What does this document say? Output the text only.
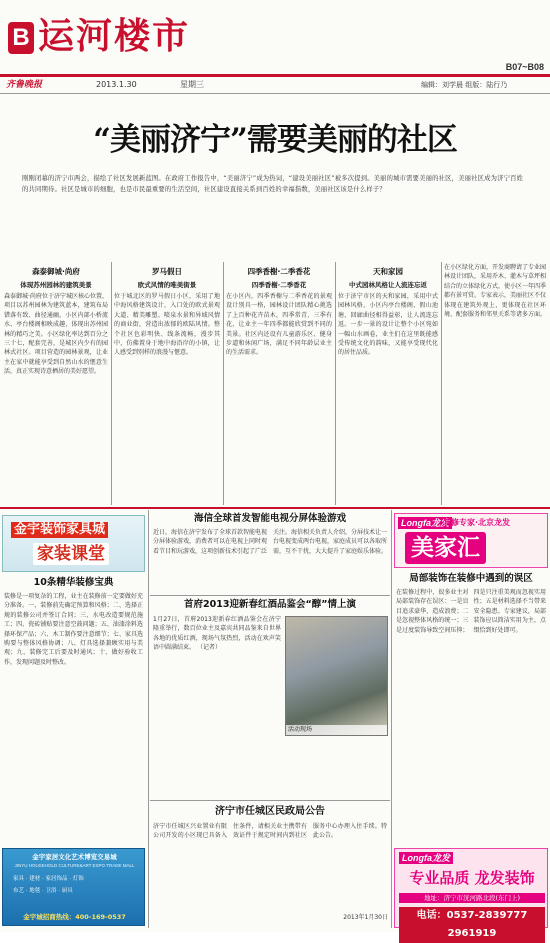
B 运河楼市
B07~B08
齐鲁晚报	2013.1.30	星期三	编辑：刘学晨 组版：陆行乃
“美丽济宁”需要美丽的社区
刚刚闭幕的济宁市两会，描绘了社区发展新蓝图。在政府工作报告中，“美丽济宁”成为热词，“建设美丽社区”被多次提到。美丽的城市需要美丽的社区，美丽社区成为济宁百姓的共同期待。社区是城市的细胞，也是市民最重要的生活空间，社区建设直接关系到百姓的幸福指数，美丽社区该是什么样子？
森泰御城·尚府
体现苏州园林的建筑美景
森泰御城·尚府位于济宁城区核心位置，项目以苏州园林为建筑蓝本，建筑布局错落有致、曲径通幽，小区内部小桥流水、亭台楼阁相映成趣，体现出苏州园林的精巧之美。小区绿化率达到百分之三十七，配套完善，是城区内少有的园林式社区。项目营造的园林景观，让业主在家中就能享受到自然山水的惬意生活，真正实现诗意栖居的美好愿望。
罗马假日
欧式风情的唯美街景
位于城北区的罗马假日小区，采用了地中海风格建筑设计，入口处的欧式景观大道、精美雕塑、喷泉水景和异域风情的商业街，营造出浓郁的欧陆风情。整个社区色彩明快、线条流畅，漫步其中，仿佛置身于地中海沿岸的小镇，让人感受到别样的浪漫与惬意。
四季香榭·二季香花
四季香榭·二季香花
在小区内，四季香榭与二季香花的景观设计别具一格，园林设计团队精心挑选了上百种花卉苗木，四季常青、三季有花，让业主一年四季都能欣赏到不同的美景。社区内还设有儿童游乐区、健身步道和休闲广场，满足不同年龄层业主的生活需求。
天和家园
中式园林风格让人流连忘返
位于济宁市区的天和家园，采用中式园林风格，小区内亭台楼阁、假山池塘、回廊曲径相得益彰，让人流连忘返。一步一景的设计让整个小区宛如一幅山水画卷，业主们在这里既能感受传统文化的韵味，又能享受现代化的居住品质。
在小区绿化方面，开发商聘请了专业园林设计团队，采用乔木、灌木与草坪相结合的立体绿化方式，使小区一年四季都有景可赏。专家表示，美丽社区不仅体现在建筑外观上，更体现在社区环境、配套服务和邻里关系等诸多方面。
金宇装饰家具城
家装课堂
10条精华装修宝典
装修是一项复杂的工程，业主在装修前一定要做好充分准备。一、装修前先确定预算和风格；二、选择正规的装修公司并签订合同；三、水电改造要规范施工；四、瓷砖铺贴要注意空鼓问题；五、油漆涂料选择环保产品；六、木工制作要注意细节；七、家具选购要与整体风格协调；八、灯具选择兼顾实用与美观；九、装修完工后要及时通风；十、做好验收工作，发现问题及时整改。
金宇家居文化艺术博览交易城
JINYU HOUSEHOLD CULTURE&ART EXPO TRADE MALL
家具 · 建材 · 家居饰品 · 灯饰
布艺 · 地毯 · 卫浴 · 厨具
金宇城招商热线：400-169-0537
海信全球首发智能电视分屏体验游戏
近日，海信在济宁发布了全球首款智能电视分屏体验游戏，消费者可以在电视上同时观看节目和玩游戏，这项创新技术引起了广泛关注。海信相关负责人介绍，分屏技术让一台电视变成两台电视，家庭成员可以各取所需，互不干扰，大大提升了家庭娱乐体验。
首府2013迎新春红酒品鉴会“醇”情上演
1月27日，首府2013迎新春红酒品鉴会在济宁隆重举行，数百位业主及嘉宾共同品鉴来自世界各地的优质红酒，现场气氛热烈，活动在欢声笑语中圆满结束。 （记者）
活动现场
济宁市任城区民政局公告
济宁市任城区兴业置业有限公司开发的小区现已具备入住条件，请相关业主携带有效证件于规定时间内到社区服务中心办理入住手续。特此公告。
2013年1月30日
Longfa龙发
装修专家·北京龙发
美家汇
局部装饰在装修中遇到的误区
在装修过程中，很多业主对局部装饰存在误区：一是盲目追求豪华，造成浪费；二是忽视整体风格的统一；三是过度装饰导致空间压抑；四是只注重美观而忽视实用性；五是材料选择不当带来安全隐患。专家建议，局部装饰应以简洁实用为主，点缀恰到好处即可。
Longfa龙发
专业品质 龙发装饰
地址：济宁市洸河路北段(东门上)
电话：0537-2839777 2961919
